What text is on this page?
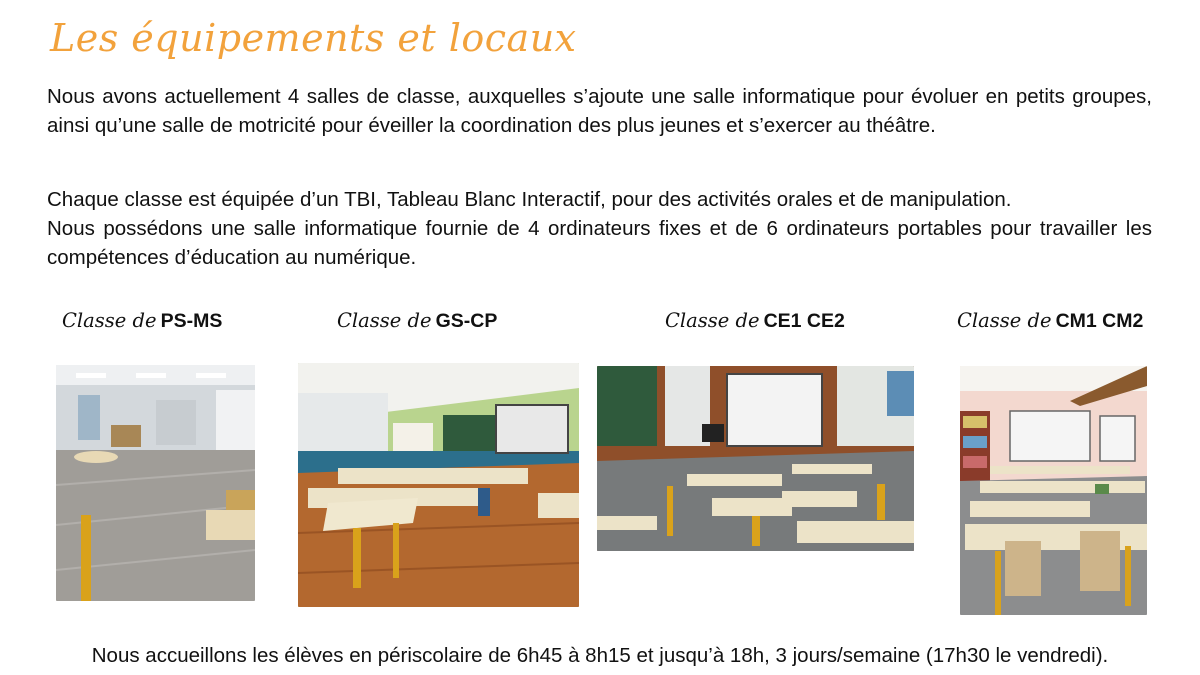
Les équipements et locaux
Nous avons actuellement 4 salles de classe, auxquelles s’ajoute une salle informatique pour évoluer en petits groupes, ainsi qu’une salle de motricité pour éveiller la coordination des plus jeunes et s’exercer au théâtre.
Chaque classe est équipée d’un TBI, Tableau Blanc Interactif, pour des activités orales et de manipulation.
Nous possédons une salle informatique fournie de 4 ordinateurs fixes et de 6 ordinateurs portables pour travailler les compétences d’éducation au numérique.
Classe de PS-MS	Classe de GS-CP	Classe de CE1 CE2	Classe de CM1 CM2
Nous accueillons les élèves en périscolaire de 6h45 à 8h15 et jusqu’à 18h, 3 jours/semaine (17h30 le vendredi).
